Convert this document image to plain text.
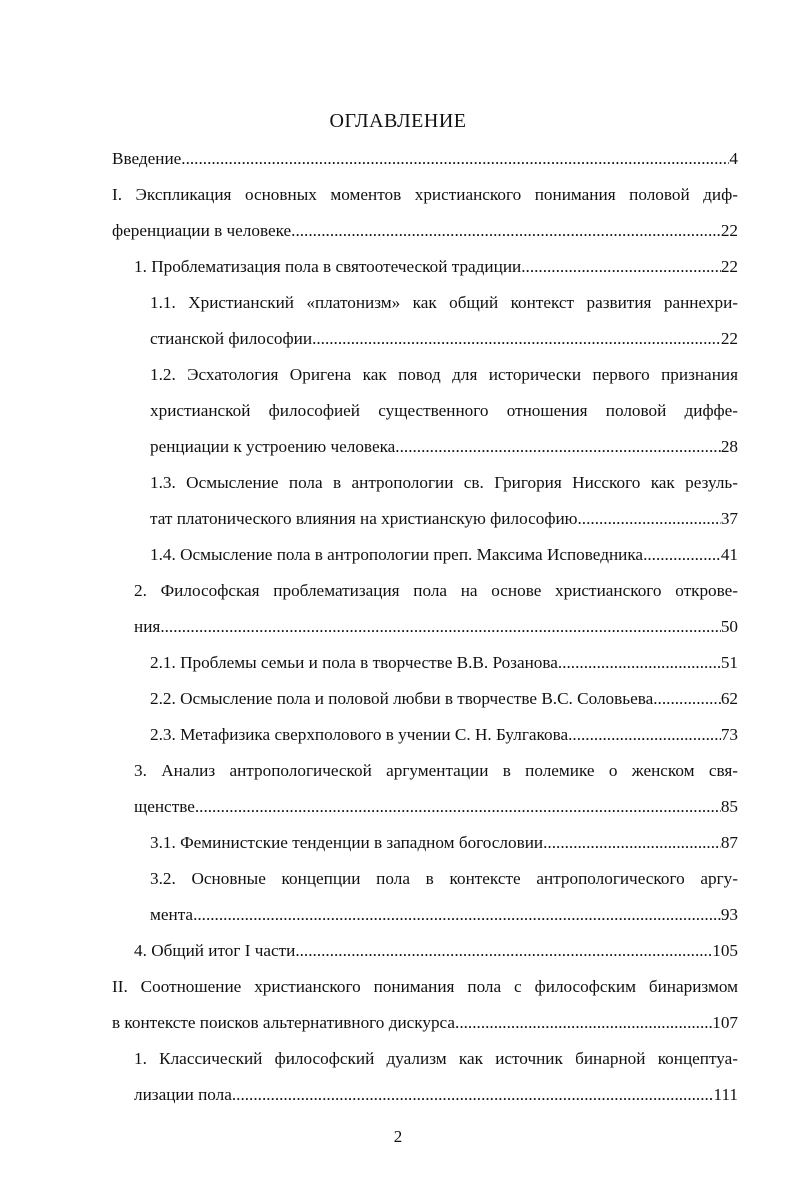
ОГЛАВЛЕНИЕ
Введение .....	4
I. Экспликация основных моментов христианского понимания половой диф-
ференциации в человеке .....	22
1. Проблематизация пола в святоотеческой традиции .....	22
1.1. Христианский «платонизм» как общий контекст развития раннехри-
стианской философии .....	22
1.2. Эсхатология Оригена как повод для исторически первого признания
христианской философией существенного отношения половой диффе-
ренциации к устроению человека .....	28
1.3. Осмысление пола в антропологии св. Григория Нисского как резуль-
тат платонического влияния на христианскую философию .....	37
1.4. Осмысление пола в антропологии преп. Максима Исповедника .....	41
2. Философская проблематизация пола на основе христианского открове-
ния .....	50
2.1. Проблемы семьи и пола в творчестве В.В. Розанова .....	51
2.2. Осмысление пола и половой любви в творчестве В.С. Соловьева .....	62
2.3. Метафизика сверхполового в учении С. Н. Булгакова .....	73
3. Анализ антропологической аргументации в полемике о женском свя-
щенстве .....	85
3.1. Феминистские тенденции в западном богословии .....	87
3.2. Основные концепции пола в контексте антропологического аргу-
мента .....	93
4. Общий итог I части .....	105
II. Соотношение христианского понимания пола с философским бинаризмом
в контексте поисков альтернативного дискурса .....	107
1. Классический философский дуализм как источник бинарной концептуа-
лизации пола .....	111
2
